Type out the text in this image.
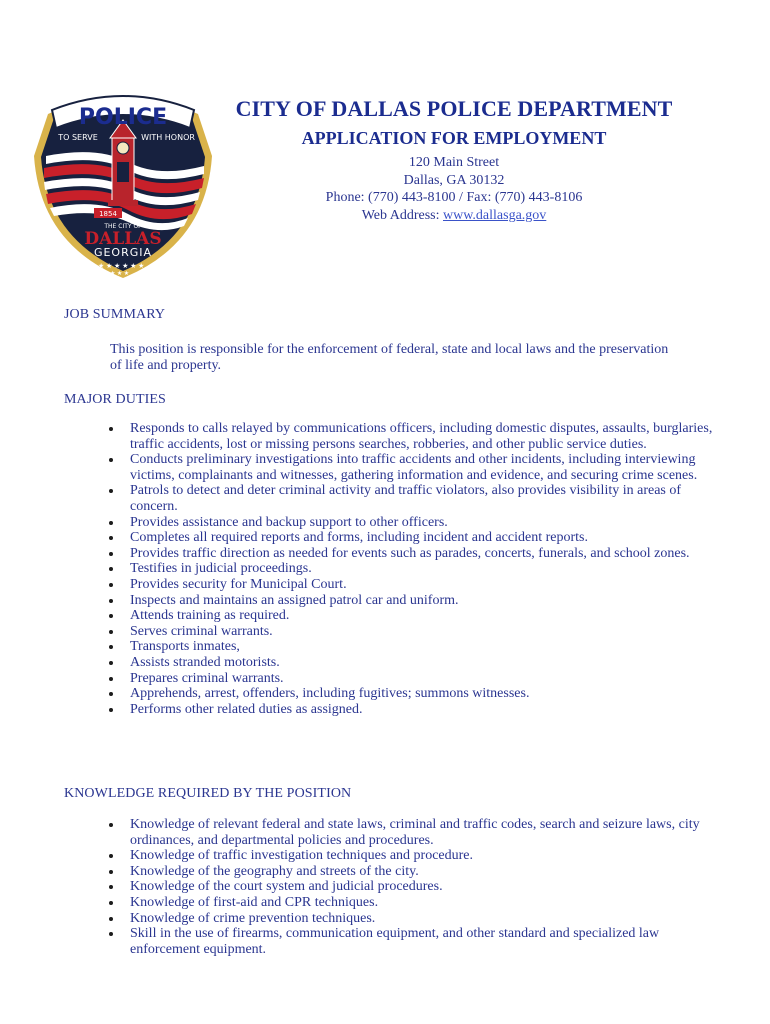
POLICE
TO SERVE	WITH HONOR
1854
THE CITY OF
DALLAS
GEORGIA
★ ★ ★ ★ ★ ★
★ ★ ★
CITY OF DALLAS POLICE DEPARTMENT
APPLICATION FOR EMPLOYMENT
120 Main Street
Dallas, GA 30132
Phone: (770) 443-8100 / Fax: (770) 443-8106
Web Address: www.dallasga.gov
JOB SUMMARY
This position is responsible for the enforcement of federal, state and local laws and the preservation of life and property.
MAJOR DUTIES
Responds to calls relayed by communications officers, including domestic disputes, assaults, burglaries, traffic accidents, lost or missing persons searches, robberies, and other public service duties.
Conducts preliminary investigations into traffic accidents and other incidents, including interviewing victims, complainants and witnesses, gathering information and evidence, and securing crime scenes.
Patrols to detect and deter criminal activity and traffic violators, also provides visibility in areas of concern.
Provides assistance and backup support to other officers.
Completes all required reports and forms, including incident and accident reports.
Provides traffic direction as needed for events such as parades, concerts, funerals, and school zones.
Testifies in judicial proceedings.
Provides security for Municipal Court.
Inspects and maintains an assigned patrol car and uniform.
Attends training as required.
Serves criminal warrants.
Transports inmates,
Assists stranded motorists.
Prepares criminal warrants.
Apprehends, arrest, offenders, including fugitives; summons witnesses.
Performs other related duties as assigned.
KNOWLEDGE REQUIRED BY THE POSITION
Knowledge of relevant federal and state laws, criminal and traffic codes, search and seizure laws, city ordinances, and departmental policies and procedures.
Knowledge of traffic investigation techniques and procedure.
Knowledge of the geography and streets of the city.
Knowledge of the court system and judicial procedures.
Knowledge of first-aid and CPR techniques.
Knowledge of crime prevention techniques.
Skill in the use of firearms, communication equipment, and other standard and specialized law enforcement equipment.
